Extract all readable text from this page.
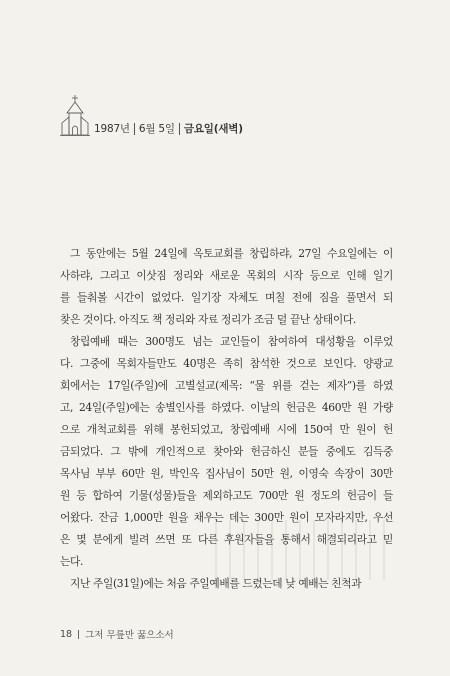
1987년 6월 5일 금요일 (새벽)

그 동안에는 5월 24일에 옥토교회를 창립하랴, 27일 수요일에는 이
사하랴, 그리고 이삿짐 정리와 새로운 목회의 시작 등으로 인해 일기
를 들춰볼 시간이 없었다. 일기장 자체도 며칠 전에 짐을 풀면서 되
찾은 것이다. 아직도 책 정리와 자료 정리가 조금 덜 끝난 상태이다.

창립예배 때는 300명도 넘는 교인들이 참여하여 대성황을 이루었
다. 그중에 목회자들만도 40명은 족히 참석한 것으로 보인다. 양광교
회에서는 17일(주일)에 고별설교(제목: “물 위를 걷는 제자”)를 하였
고, 24일(주일)에는 송별인사를 하였다. 이날의 헌금은 460만 원 가량
으로 개척교회를 위해 봉헌되었고, 창립예배 시에 150여 만 원이 헌
금되었다. 그 밖에 개인적으로 찾아와 헌금하신 분들 중에도 김득중
목사님 부부 60만 원, 박인옥 집사님이 50만 원, 이영숙 속장이 30만
원 등 합하여 기물(성물)들을 제외하고도 700만 원 정도의 헌금이 들
어왔다. 잔금 1,000만 원을 채우는 데는 300만 원이 모자라지만, 우선
은 몇 분에게 빌려 쓰면 또 다른 후원자들을 통해서 해결되리라고 믿
는다.

지난 주일(31일)에는 처음 주일예배를 드렸는데 낮 예배는 친척과

18 그저 무릎만 꿇으소서
